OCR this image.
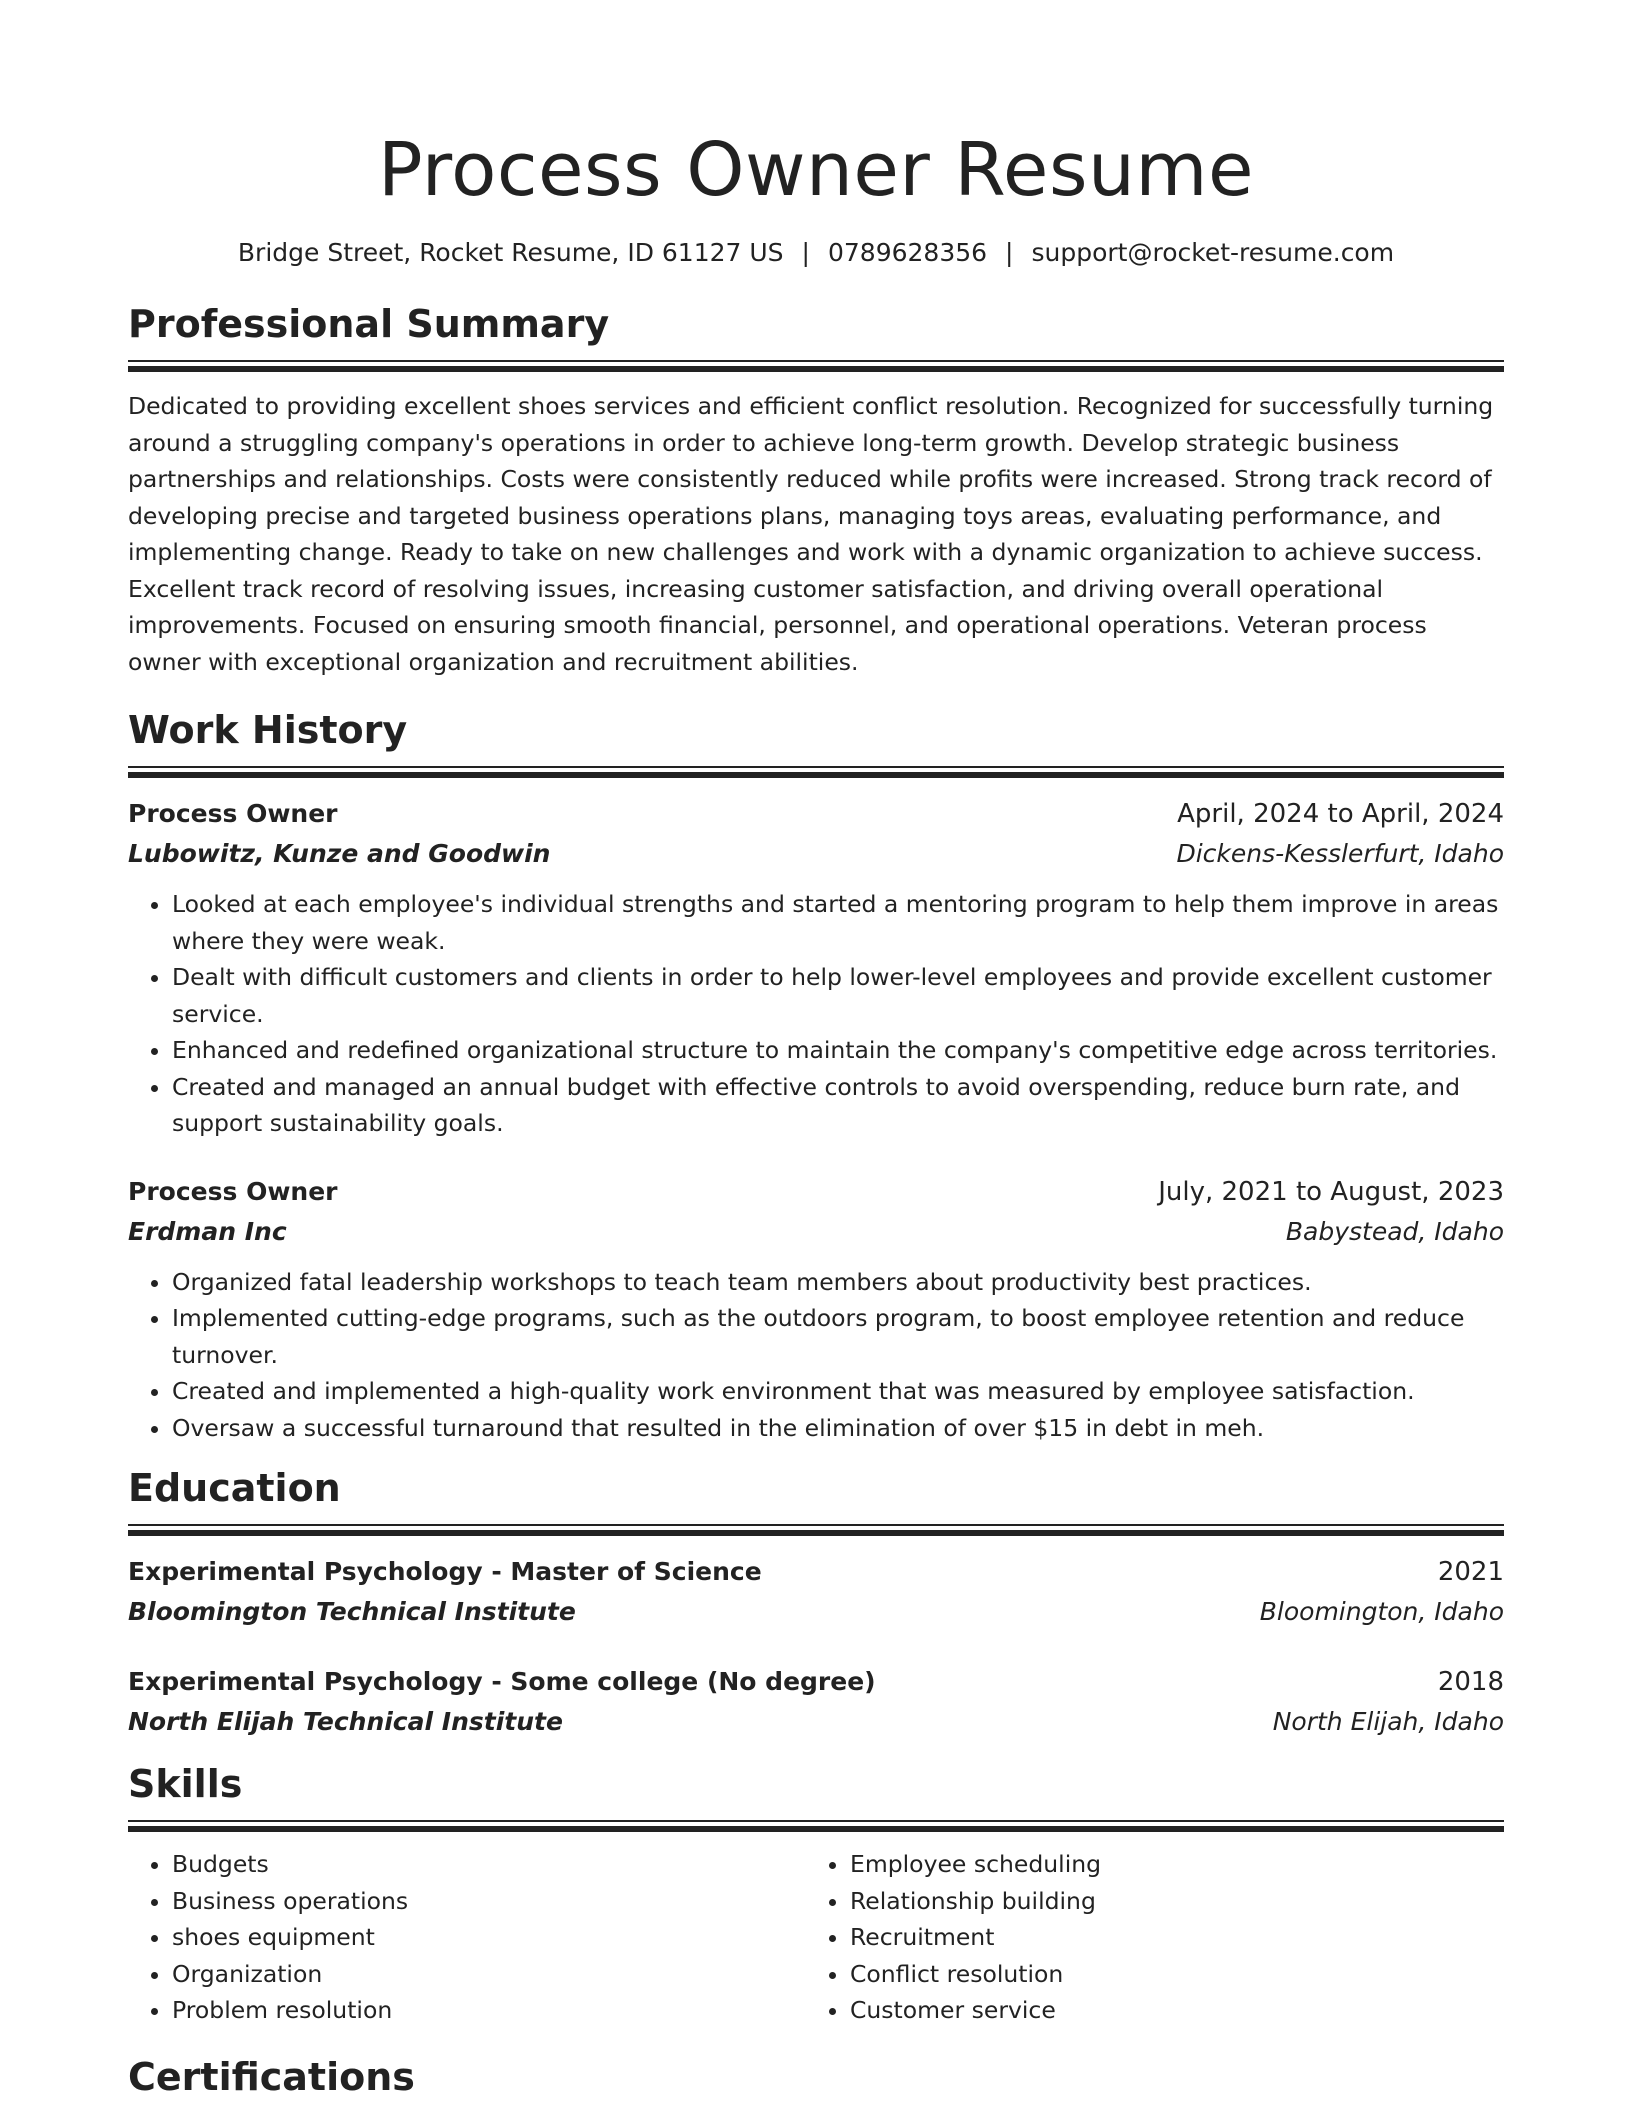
Process Owner Resume
Bridge Street, Rocket Resume, ID 61127 US | 0789628356 | support@rocket-resume.com
Professional Summary

Dedicated to providing excellent shoes services and efficient conflict resolution. Recognized for successfully turning around a struggling company's operations in order to achieve long-term growth. Develop strategic business partnerships and relationships. Costs were consistently reduced while profits were increased. Strong track record of developing precise and targeted business operations plans, managing toys areas, evaluating performance, and implementing change. Ready to take on new challenges and work with a dynamic organization to achieve success. Excellent track record of resolving issues, increasing customer satisfaction, and driving overall operational improvements. Focused on ensuring smooth financial, personnel, and operational operations. Veteran process owner with exceptional organization and recruitment abilities.

Work History
Process Owner	April, 2024 to April, 2024
Lubowitz, Kunze and Goodwin	Dickens-Kesslerfurt, Idaho
• Looked at each employee's individual strengths and started a mentoring program to help them improve in areas where they were weak.
• Dealt with difficult customers and clients in order to help lower-level employees and provide excellent customer service.
• Enhanced and redefined organizational structure to maintain the company's competitive edge across territories.
• Created and managed an annual budget with effective controls to avoid overspending, reduce burn rate, and support sustainability goals.
Process Owner	July, 2021 to August, 2023
Erdman Inc	Babystead, Idaho
• Organized fatal leadership workshops to teach team members about productivity best practices.
• Implemented cutting-edge programs, such as the outdoors program, to boost employee retention and reduce turnover.
• Created and implemented a high-quality work environment that was measured by employee satisfaction.
• Oversaw a successful turnaround that resulted in the elimination of over $15 in debt in meh.
Education
Experimental Psychology - Master of Science	2021
Bloomington Technical Institute	Bloomington, Idaho
Experimental Psychology - Some college (No degree)	2018
North Elijah Technical Institute	North Elijah, Idaho
Skills
• Budgets
• Business operations
• shoes equipment
• Organization
• Problem resolution
• Employee scheduling
• Relationship building
• Recruitment
• Conflict resolution
• Customer service
Certifications
